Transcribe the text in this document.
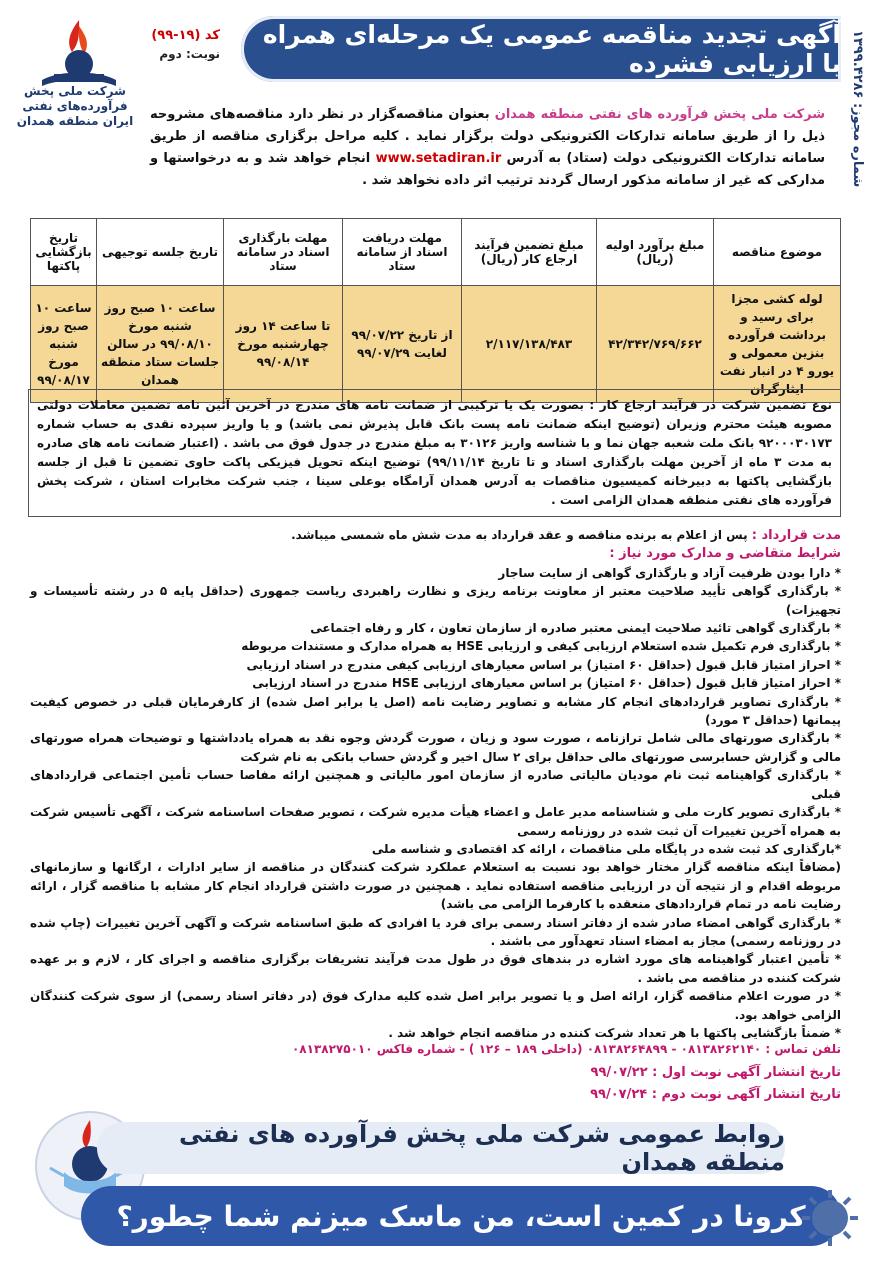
شماره مجوز: ۱۳۹۹.۴۲۸۶
آگهی تجدید مناقصه عمومی یک مرحله‌ای همراه با ارزیابی فشرده
کد (۱۹-۹۹)
نوبت: دوم
شرکت ملی پخش فرآورده‌های نفتی ایران منطقه همدان	شرکت ملی پخش فرآورده های نفتی منطقه همدان بعنوان مناقصه‌گزار در نظر دارد مناقصه‌های مشروحه ذیل را از طریق سامانه تدارکات الکترونیکی دولت برگزار نماید . کلیه مراحل برگزاری مناقصه از طریق سامانه تدارکات الکترونیکی دولت (ستاد) به آدرس www.setadiran.ir انجام خواهد شد و به درخواستها و مدارکی که غیر از سامانه مذکور ارسال گردند ترتیب اثر داده نخواهد شد .
موضوع مناقصه	مبلغ برآورد اولیه (ریال)	مبلغ تضمین فرآیند ارجاع کار (ریال)	مهلت دریافت اسناد از سامانه ستاد	مهلت بارگذاری اسناد در سامانه ستاد	تاریخ جلسه توجیهی	تاریخ بازگشایی پاکتها
لوله کشی مجزا برای رسید و برداشت فرآورده بنزین معمولی و یورو ۴ در انبار نفت ایثارگران	۴۲/۳۴۲/۷۶۹/۶۶۲	۲/۱۱۷/۱۳۸/۴۸۳	از تاریخ ۹۹/۰۷/۲۲ لغایت ۹۹/۰۷/۲۹	تا ساعت ۱۴ روز چهارشنبه مورخ ۹۹/۰۸/۱۴	ساعت ۱۰ صبح روز شنبه مورخ ۹۹/۰۸/۱۰ در سالن جلسات ستاد منطقه همدان	ساعت ۱۰ صبح روز شنبه مورخ ۹۹/۰۸/۱۷
نوع تضمین شرکت در فرآیند ارجاع کار : بصورت یک یا ترکیبی از ضمانت نامه های مندرج در آخرین آئین نامه تضمین معاملات دولتی مصوبه هیئت محترم وزیران (توضیح اینکه ضمانت نامه پست بانک قابل پذیرش نمی باشد) و یا واریز سپرده نقدی به حساب شماره ۹۲۰۰۰۳۰۱۷۳ بانک ملت شعبه جهان نما و با شناسه واریز ۳۰۱۲۶ به مبلغ مندرج در جدول فوق می باشد . (اعتبار ضمانت نامه های صادره به مدت ۳ ماه از آخرین مهلت بارگذاری اسناد و تا تاریخ ۹۹/۱۱/۱۴) توضیح اینکه تحویل فیزیکی پاکت حاوی تضمین تا قبل از جلسه بازگشایی پاکتها به دبیرخانه کمیسیون مناقصات به آدرس همدان آرامگاه بوعلی سینا ، جنب شرکت مخابرات استان ، شرکت پخش فرآورده های نفتی منطقه همدان الزامی است .

مدت قرارداد : پس از اعلام به برنده مناقصه و عقد قرارداد به مدت شش ماه شمسی میباشد.

شرایط متقاضی و مدارک مورد نیاز :

* دارا بودن ظرفیت آزاد و بارگذاری گواهی از سایت ساجار

* بارگذاری گواهی تأیید صلاحیت معتبر از معاونت برنامه ریزی و نظارت راهبردی ریاست جمهوری (حداقل پایه ۵ در رشته تأسیسات و تجهیزات)

* بارگذاری گواهی تائید صلاحیت ایمنی معتبر صادره از سازمان تعاون ، کار و رفاه اجتماعی

* بارگذاری فرم تکمیل شده استعلام ارزیابی کیفی و ارزیابی HSE به همراه مدارک و مستندات مربوطه

* احراز امتیاز قابل قبول (حداقل ۶۰ امتیاز) بر اساس معیارهای ارزیابی کیفی مندرج در اسناد ارزیابی

* احراز امتیاز قابل قبول (حداقل ۶۰ امتیاز) بر اساس معیارهای ارزیابی HSE مندرج در اسناد ارزیابی

* بارگذاری تصاویر قراردادهای انجام کار مشابه و تصاویر رضایت نامه (اصل یا برابر اصل شده) از کارفرمایان قبلی در خصوص کیفیت پیمانها (حداقل ۳ مورد)

* بارگذاری صورتهای مالی شامل ترازنامه ، صورت سود و زیان ، صورت گردش وجوه نقد به همراه یادداشتها و توضیحات همراه صورتهای مالی و گزارش حسابرسی صورتهای مالی حداقل برای ۲ سال اخیر و گردش حساب بانکی به نام شرکت

* بارگذاری گواهینامه ثبت نام مودیان مالیاتی صادره از سازمان امور مالیاتی و همچنین ارائه مفاصا حساب تأمین اجتماعی قراردادهای قبلی

* بارگذاری تصویر کارت ملی و شناسنامه مدیر عامل و اعضاء هیأت مدیره شرکت ، تصویر صفحات اساسنامه شرکت ، آگهی تأسیس شرکت به همراه آخرین تغییرات آن ثبت شده در روزنامه رسمی

*بارگذاری کد ثبت شده در پایگاه ملی مناقصات ، ارائه کد اقتصادی و شناسه ملی

(مضافاً اینکه مناقصه گزار مختار خواهد بود نسبت به استعلام عملکرد شرکت کنندگان در مناقصه از سایر ادارات ، ارگانها و سازمانهای مربوطه اقدام و از نتیجه آن در ارزیابی مناقصه استفاده نماید . همچنین در صورت داشتن قرارداد انجام کار مشابه با مناقصه گزار ، ارائه رضایت نامه در تمام قراردادهای منعقده با کارفرما الزامی می باشد)

* بارگذاری گواهی امضاء صادر شده از دفاتر اسناد رسمی برای فرد یا افرادی که طبق اساسنامه شرکت و آگهی آخرین تغییرات (چاپ شده در روزنامه رسمی) مجاز به امضاء اسناد تعهدآور می باشند .

* تأمین اعتبار گواهینامه های مورد اشاره در بندهای فوق در طول مدت فرآیند تشریفات برگزاری مناقصه و اجرای کار ، لازم و بر عهده شرکت کننده در مناقصه می باشد .

* در صورت اعلام مناقصه گزار، ارائه اصل و یا تصویر برابر اصل شده کلیه مدارک فوق (در دفاتر اسناد رسمی) از سوی شرکت کنندگان الزامی خواهد بود.

* ضمناً بازگشایی پاکتها با هر تعداد شرکت کننده در مناقصه انجام خواهد شد .

تلفن تماس : ۰۸۱۳۸۲۶۲۱۴۰ - ۰۸۱۳۸۲۶۴۸۹۹ (داخلی ۱۸۹ – ۱۲۶ ) - شماره فاکس ۰۸۱۳۸۲۷۵۰۱۰
تاریخ انتشار آگهی نوبت اول : ۹۹/۰۷/۲۲
تاریخ انتشار آگهی نوبت دوم : ۹۹/۰۷/۲۴
روابط عمومی شرکت ملی پخش فرآورده های نفتی منطقه همدان
کرونا در کمین است، من ماسک میزنم شما چطور؟
